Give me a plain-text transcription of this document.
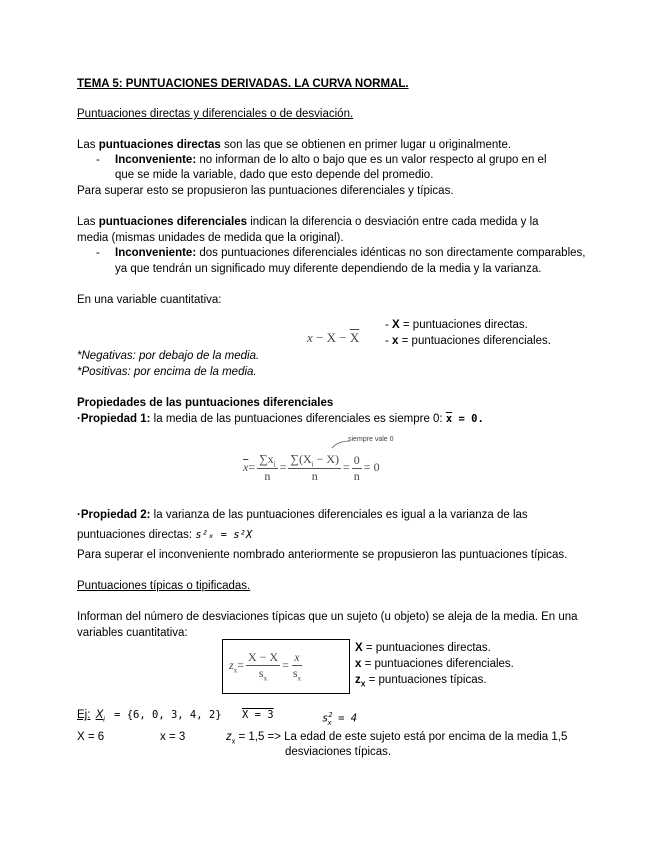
TEMA 5: PUNTUACIONES DERIVADAS. LA CURVA NORMAL.
Puntuaciones directas y diferenciales o de desviación.
Las puntuaciones directas son las que se obtienen en primer lugar u originalmente.
- Inconveniente: no informan de lo alto o bajo que es un valor respecto al grupo en el
que se mide la variable, dado que esto depende del promedio.
Para superar esto se propusieron las puntuaciones diferenciales y típicas.
Las puntuaciones diferenciales indican la diferencia o desviación entre cada medida y la
media (mismas unidades de medida que la original).
- Inconveniente: dos puntuaciones diferenciales idénticas no son directamente comparables,
ya que tendrán un significado muy diferente dependiendo de la media y la varianza.
En una variable cuantitativa:
$x - X - \overline{X}$
- X = puntuaciones directas.
- x = puntuaciones diferenciales.
*Negativas: por debajo de la media.
*Positivas: por encima de la media.
Propiedades de las puntuaciones diferenciales
·Propiedad 1: la media de las puntuaciones diferenciales es siempre 0: $\overline{x} = 0$.
siempre vale 0
$\overline{x}= \frac{\sum x_i}{n} = \frac{\sum(X_i - X)}{n} = \frac{0}{n} = 0$
·Propiedad 2: la varianza de las puntuaciones diferenciales es igual a la varianza de las
puntuaciones directas: s²ₓ = s²X
Para superar el inconveniente nombrado anteriormente se propusieron las puntuaciones típicas.
Puntuaciones típicas o tipificadas.
Informan del número de desviaciones típicas que un sujeto (u objeto) se aleja de la media. En una
variables cuantitativa:
$z_x= \frac{X - X}{s_x} = \frac{x}{s_x}$
X = puntuaciones directas.
x = puntuaciones diferenciales.
$z_X$ = puntuaciones típicas.
Ej: $X_i = \{6$, 0, 3, 4, 2} X = 3	$s^2_x = 4$
X = 6	x = 3	$z_x = 1,5 => La$ edad de este sujeto está por encima de la media 1,5
desviaciones típicas.
